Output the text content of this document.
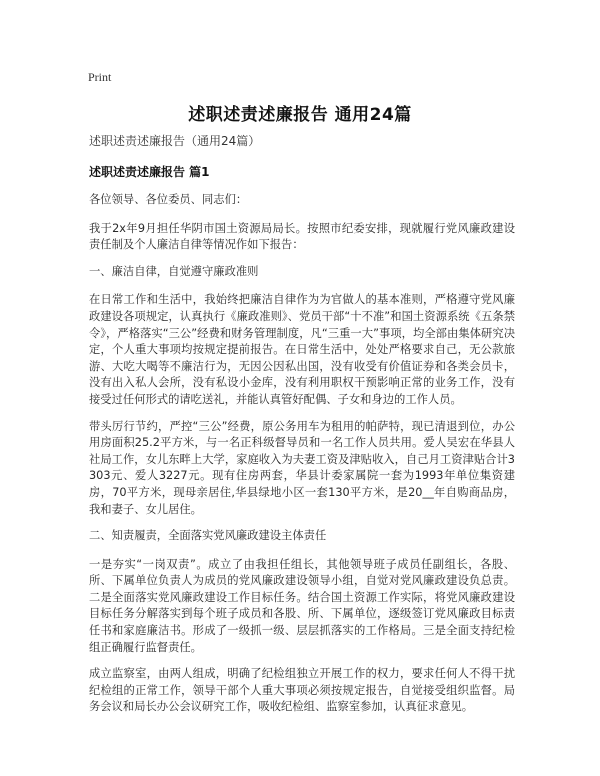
Print
述职述责述廉报告 通用24篇

述职述责述廉报告（通用24篇）

述职述责述廉报告 篇1

各位领导、各位委员、同志们：

我于2x年9月担任华阴市国土资源局局长。按照市纪委安排，现就履行党风廉政建设责任制及个人廉洁自律等情况作如下报告：

一、廉洁自律，自觉遵守廉政准则

在日常工作和生活中，我始终把廉洁自律作为为官做人的基本准则，严格遵守党风廉政建设各项规定，认真执行《廉政准则》、党员干部“十不准”和国土资源系统《五条禁令》，严格落实“三公”经费和财务管理制度，凡“三重一大”事项，均全部由集体研究决定，个人重大事项均按规定提前报告。在日常生活中，处处严格要求自己，无公款旅游、大吃大喝等不廉洁行为，无因公因私出国，没有收受有价值证券和各类会员卡，没有出入私人会所，没有私设小金库，没有利用职权干预影响正常的业务工作，没有接受过任何形式的请吃送礼，并能认真管好配偶、子女和身边的工作人员。

带头厉行节约，严控“三公”经费，原公务用车为租用的帕萨特，现已清退到位，办公用房面积25.2平方米，与一名正科级督导员和一名工作人员共用。爱人吴宏在华县人社局工作，女儿东畔上大学，家庭收入为夫妻工资及津贴收入，自己月工资津贴合计3303元、爱人3227元。现有住房两套，华县计委家属院一套为1993年单位集资建房，70平方米，现母亲居住,华县绿地小区一套130平方米，是20__年自购商品房，我和妻子、女儿居住。

二、知责履责，全面落实党风廉政建设主体责任

一是夯实“一岗双责”。成立了由我担任组长，其他领导班子成员任副组长，各股、所、下属单位负责人为成员的党风廉政建设领导小组，自觉对党风廉政建设负总责。二是全面落实党风廉政建设工作目标任务。结合国土资源工作实际，将党风廉政建设目标任务分解落实到每个班子成员和各股、所、下属单位，逐级签订党风廉政目标责任书和家庭廉洁书。形成了一级抓一级、层层抓落实的工作格局。三是全面支持纪检组正确履行监督责任。

成立监察室，由两人组成，明确了纪检组独立开展工作的权力，要求任何人不得干扰纪检组的正常工作，领导干部个人重大事项必须按规定报告，自觉接受组织监督。局务会议和局长办公会议研究工作，吸收纪检组、监察室参加，认真征求意见。
